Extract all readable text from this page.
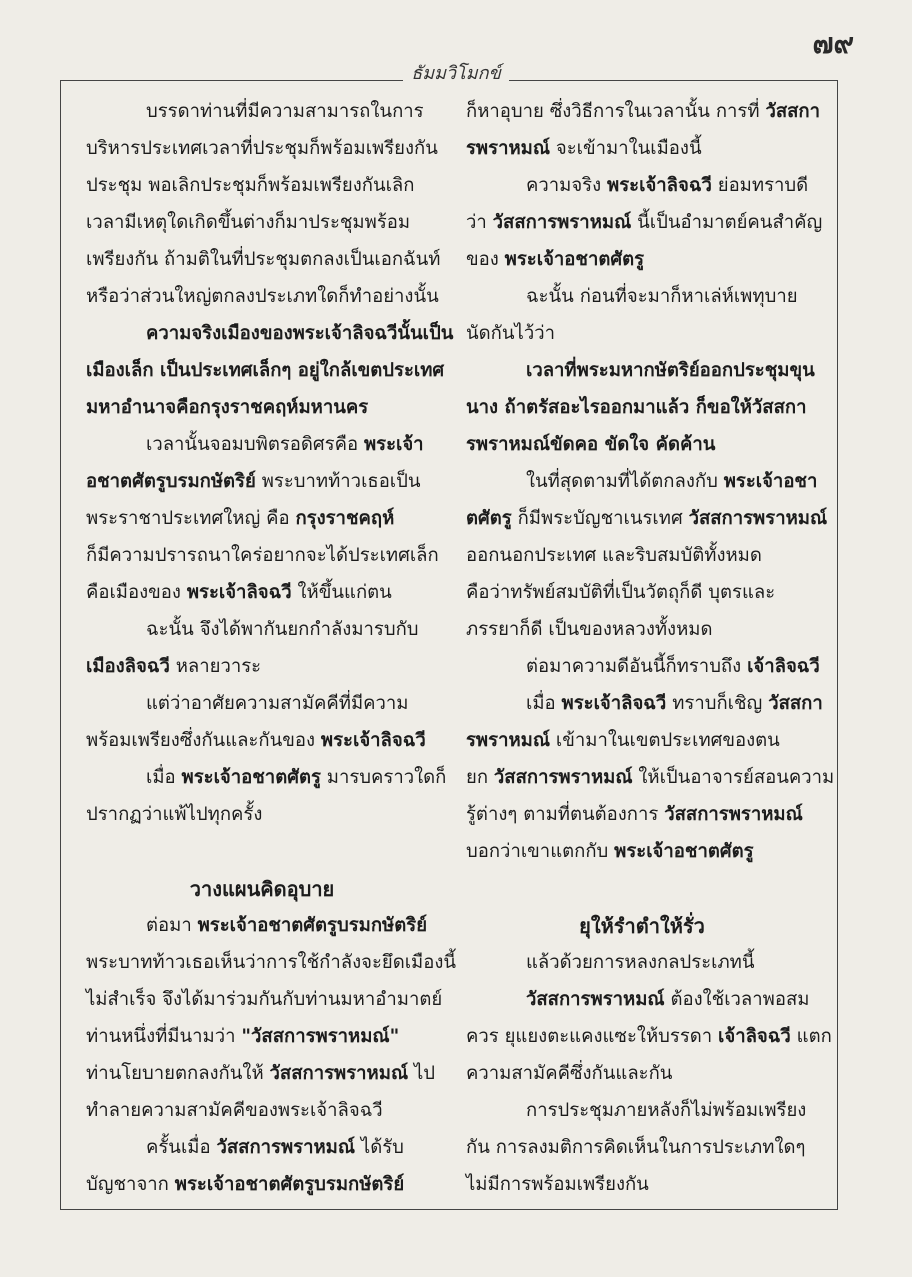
๗๙
ธัมมวิโมกข์
บรรดาท่านที่มีความสามารถในการ
บริหารประเทศเวลาที่ประชุมก็พร้อมเพรียงกัน
ประชุม พอเลิกประชุมก็พร้อมเพรียงกันเลิก
เวลามีเหตุใดเกิดขึ้นต่างก็มาประชุมพร้อม
เพรียงกัน ถ้ามติในที่ประชุมตกลงเป็นเอกฉันท์
หรือว่าส่วนใหญ่ตกลงประเภทใดก็ทำอย่างนั้น
ความจริงเมืองของพระเจ้าลิจฉวีนั้นเป็น
เมืองเล็ก เป็นประเทศเล็กๆ อยู่ใกล้เขตประเทศ
มหาอำนาจคือกรุงราชคฤห์มหานคร
เวลานั้นจอมบพิตรอดิศรคือ พระเจ้า
อชาตศัตรูบรมกษัตริย์ พระบาทท้าวเธอเป็น
พระราชาประเทศใหญ่ คือ กรุงราชคฤห์
ก็มีความปรารถนาใคร่อยากจะได้ประเทศเล็ก
คือเมืองของ พระเจ้าลิจฉวี ให้ขึ้นแก่ตน
ฉะนั้น จึงได้พากันยกกำลังมารบกับ
เมืองลิจฉวี หลายวาระ
แต่ว่าอาศัยความสามัคคีที่มีความ
พร้อมเพรียงซึ่งกันและกันของ พระเจ้าลิจฉวี
เมื่อ พระเจ้าอชาตศัตรู มารบคราวใดก็
ปรากฏว่าแพ้ไปทุกครั้ง
วางแผนคิดอุบาย
ต่อมา พระเจ้าอชาตศัตรูบรมกษัตริย์
พระบาทท้าวเธอเห็นว่าการใช้กำลังจะยึดเมืองนี้
ไม่สำเร็จ จึงได้มาร่วมกันกับท่านมหาอำมาตย์
ท่านหนึ่งที่มีนามว่า "วัสสการพราหมณ์"
ท่านโยบายตกลงกันให้ วัสสการพราหมณ์ ไป
ทำลายความสามัคคีของพระเจ้าลิจฉวี
ครั้นเมื่อ วัสสการพราหมณ์ ได้รับ
บัญชาจาก พระเจ้าอชาตศัตรูบรมกษัตริย์
ก็หาอุบาย ซึ่งวิธีการในเวลานั้น การที่ วัสสกา
รพราหมณ์ จะเข้ามาในเมืองนี้
ความจริง พระเจ้าลิจฉวี ย่อมทราบดี
ว่า วัสสการพราหมณ์ นี้เป็นอำมาตย์คนสำคัญ
ของ พระเจ้าอชาตศัตรู
ฉะนั้น ก่อนที่จะมาก็หาเล่ห์เพทุบาย
นัดกันไว้ว่า
เวลาที่พระมหากษัตริย์ออกประชุมขุน
นาง ถ้าตรัสอะไรออกมาแล้ว ก็ขอให้วัสสกา
รพราหมณ์ขัดคอ ขัดใจ คัดค้าน
ในที่สุดตามที่ได้ตกลงกับ พระเจ้าอชา
ตศัตรู ก็มีพระบัญชาเนรเทศ วัสสการพราหมณ์
ออกนอกประเทศ และริบสมบัติทั้งหมด
คือว่าทรัพย์สมบัติที่เป็นวัตถุก็ดี บุตรและ
ภรรยาก็ดี เป็นของหลวงทั้งหมด
ต่อมาความดีอันนี้ก็ทราบถึง เจ้าลิจฉวี
เมื่อ พระเจ้าลิจฉวี ทราบก็เชิญ วัสสกา
รพราหมณ์ เข้ามาในเขตประเทศของตน
ยก วัสสการพราหมณ์ ให้เป็นอาจารย์สอนความ
รู้ต่างๆ ตามที่ตนต้องการ วัสสการพราหมณ์
บอกว่าเขาแตกกับ พระเจ้าอชาตศัตรู
ยุให้รำตำให้รั่ว
แล้วด้วยการหลงกลประเภทนี้
วัสสการพราหมณ์ ต้องใช้เวลาพอสม
ควร ยุแยงตะแคงแซะให้บรรดา เจ้าลิจฉวี แตก
ความสามัคคีซึ่งกันและกัน
การประชุมภายหลังก็ไม่พร้อมเพรียง
กัน การลงมติการคิดเห็นในการประเภทใดๆ
ไม่มีการพร้อมเพรียงกัน
